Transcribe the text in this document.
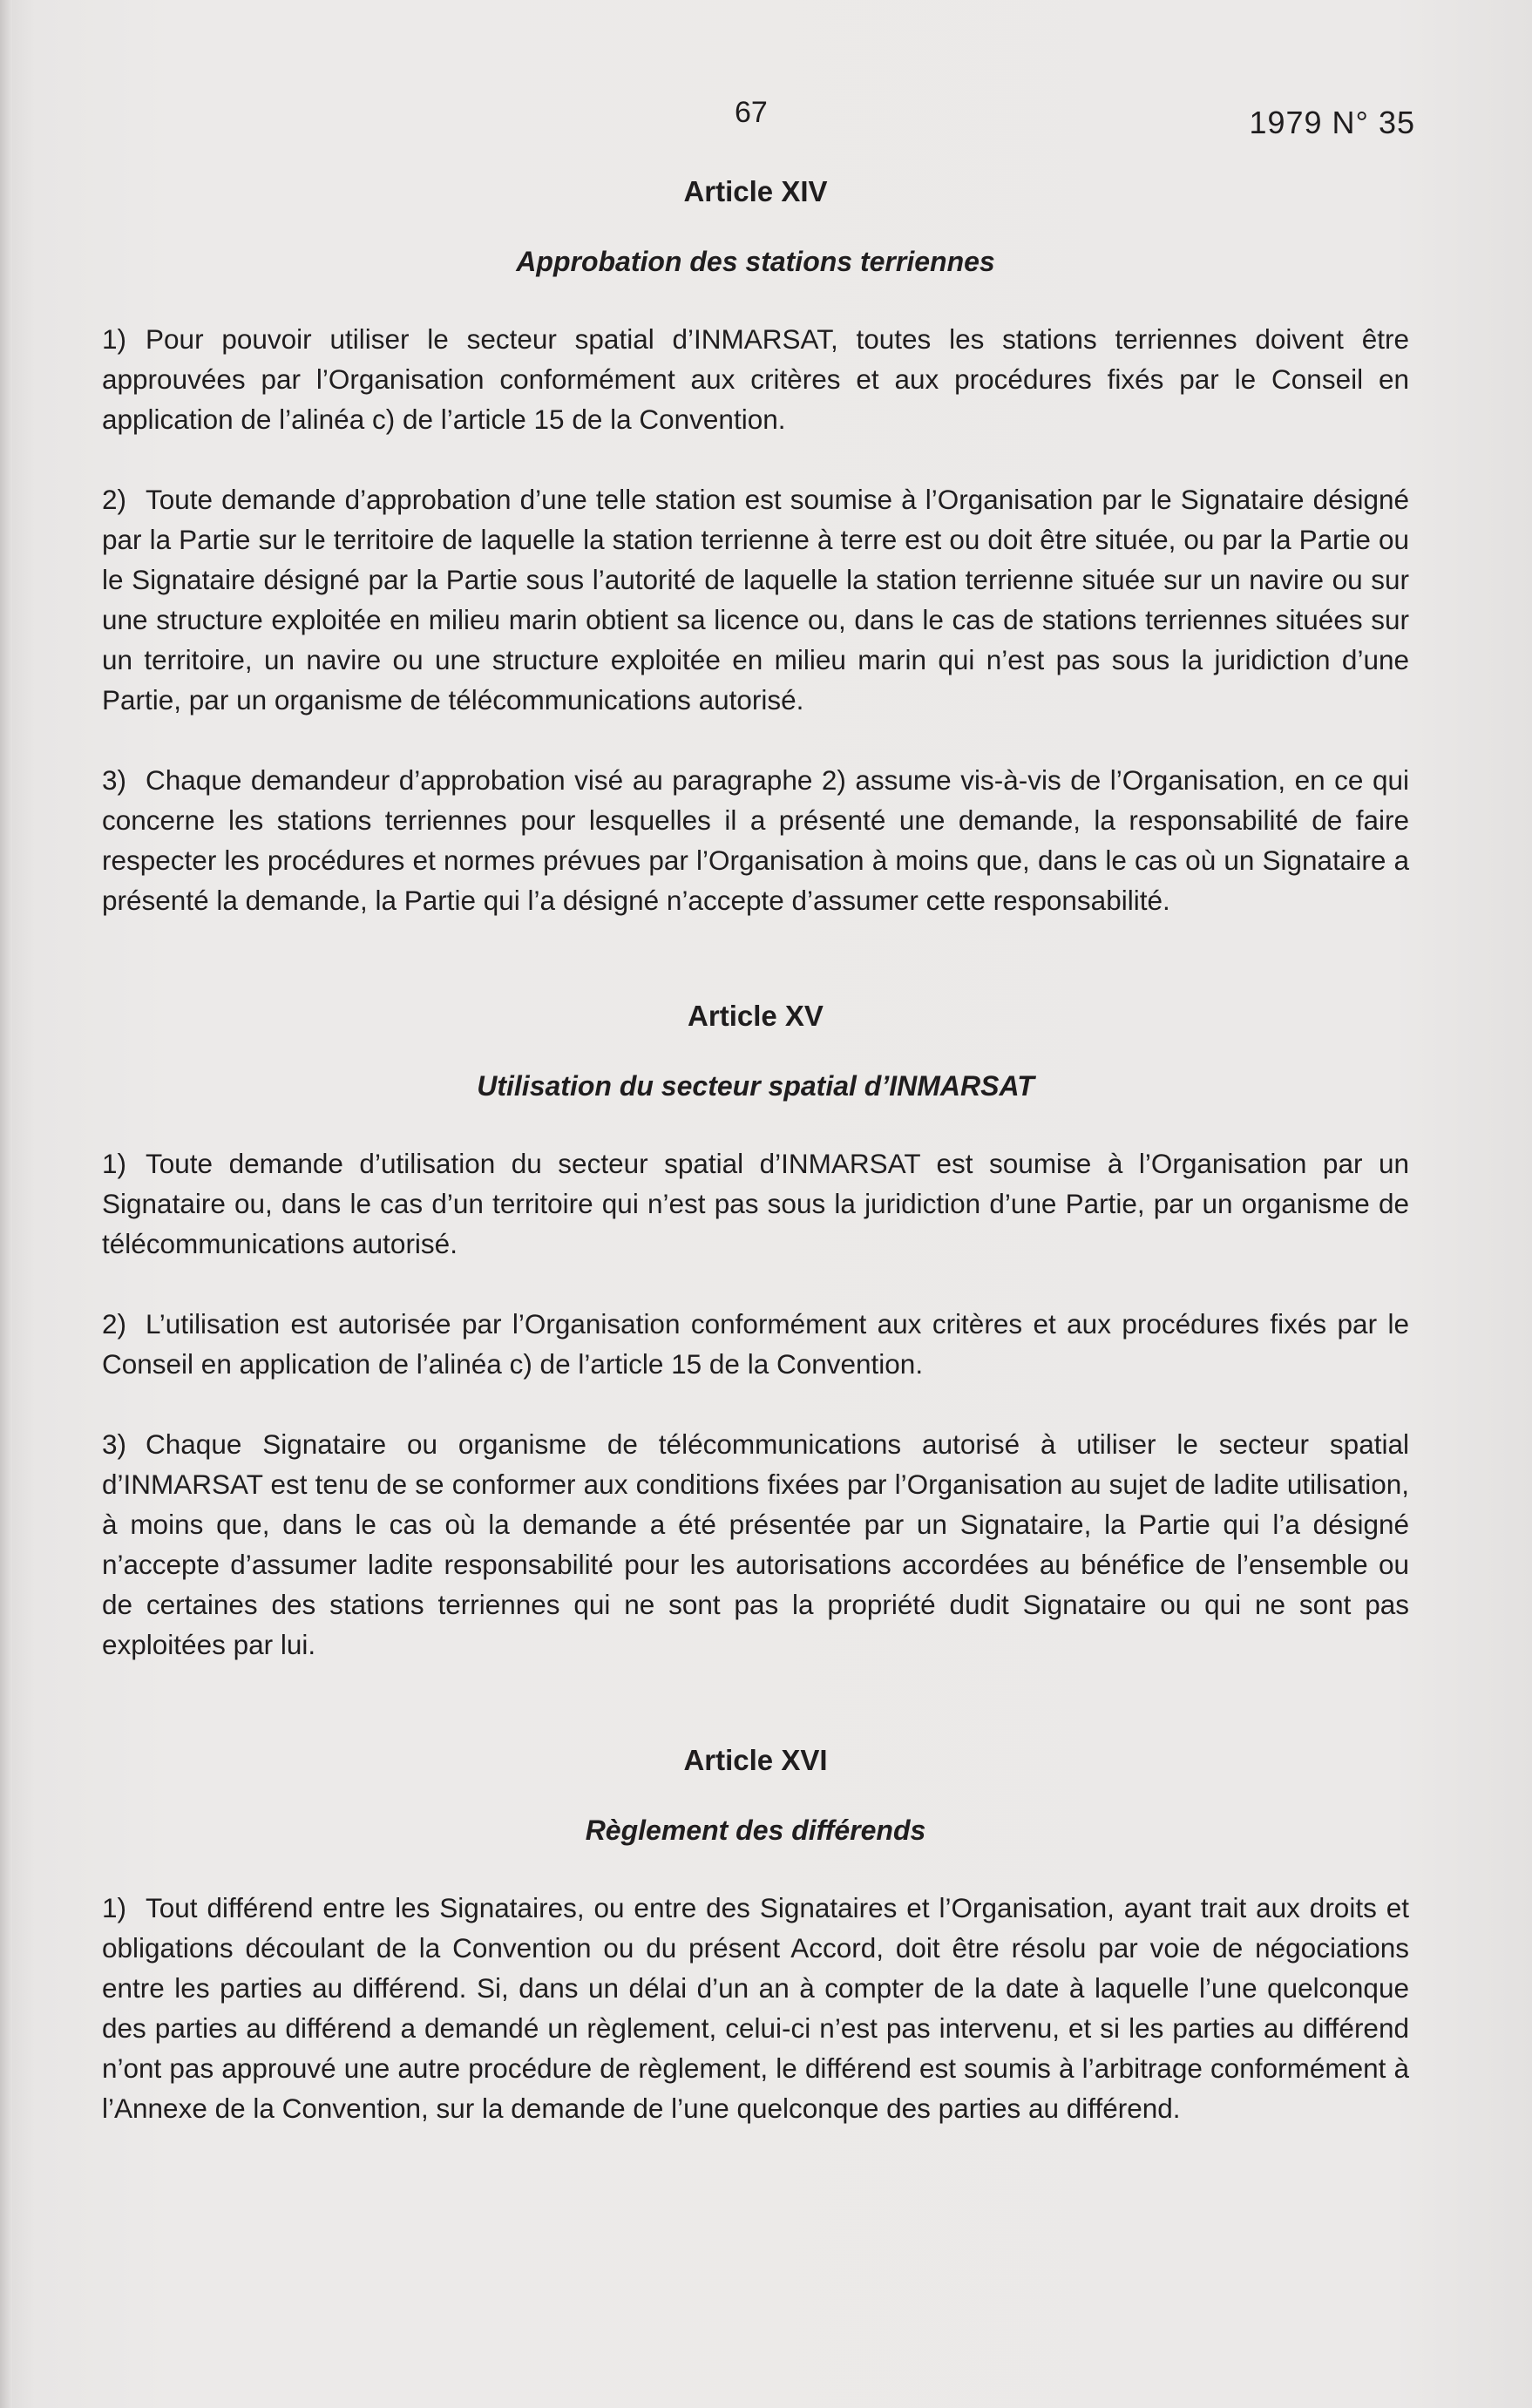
67	1979 N° 35
Article XIV
Approbation des stations terriennes

1) Pour pouvoir utiliser le secteur spatial d’INMARSAT, toutes les stations terriennes doivent être approuvées par l’Organisation conformément aux critères et aux procédures fixés par le Conseil en application de l’alinéa c) de l’article 15 de la Convention.

2) Toute demande d’approbation d’une telle station est soumise à l’Organisation par le Signataire désigné par la Partie sur le territoire de laquelle la station terrienne à terre est ou doit être située, ou par la Partie ou le Signataire désigné par la Partie sous l’autorité de laquelle la station terrienne située sur un navire ou sur une structure exploitée en milieu marin obtient sa licence ou, dans le cas de stations terriennes situées sur un territoire, un navire ou une structure exploitée en milieu marin qui n’est pas sous la juridiction d’une Partie, par un organisme de télécommunications autorisé.

3) Chaque demandeur d’approbation visé au paragraphe 2) assume vis-à-vis de l’Organisation, en ce qui concerne les stations terriennes pour lesquelles il a présenté une demande, la responsabilité de faire respecter les procédures et normes prévues par l’Organisation à moins que, dans le cas où un Signataire a présenté la demande, la Partie qui l’a désigné n’accepte d’assumer cette responsabilité.

Article XV
Utilisation du secteur spatial d’INMARSAT

1) Toute demande d’utilisation du secteur spatial d’INMARSAT est soumise à l’Organisation par un Signataire ou, dans le cas d’un territoire qui n’est pas sous la juridiction d’une Partie, par un organisme de télécommunications autorisé.

2) L’utilisation est autorisée par l’Organisation conformément aux critères et aux procédures fixés par le Conseil en application de l’alinéa c) de l’article 15 de la Convention.

3) Chaque Signataire ou organisme de télécommunications autorisé à utiliser le secteur spatial d’INMARSAT est tenu de se conformer aux conditions fixées par l’Organisation au sujet de ladite utilisation, à moins que, dans le cas où la demande a été présentée par un Signataire, la Partie qui l’a désigné n’accepte d’assumer ladite responsabilité pour les autorisations accordées au bénéfice de l’ensemble ou de certaines des stations terriennes qui ne sont pas la propriété dudit Signataire ou qui ne sont pas exploitées par lui.

Article XVI
Règlement des différends

1) Tout différend entre les Signataires, ou entre des Signataires et l’Organisation, ayant trait aux droits et obligations découlant de la Convention ou du présent Accord, doit être résolu par voie de négociations entre les parties au différend. Si, dans un délai d’un an à compter de la date à laquelle l’une quelconque des parties au différend a demandé un règlement, celui-ci n’est pas intervenu, et si les parties au différend n’ont pas approuvé une autre procédure de règlement, le différend est soumis à l’arbitrage conformément à l’Annexe de la Convention, sur la demande de l’une quelconque des parties au différend.
